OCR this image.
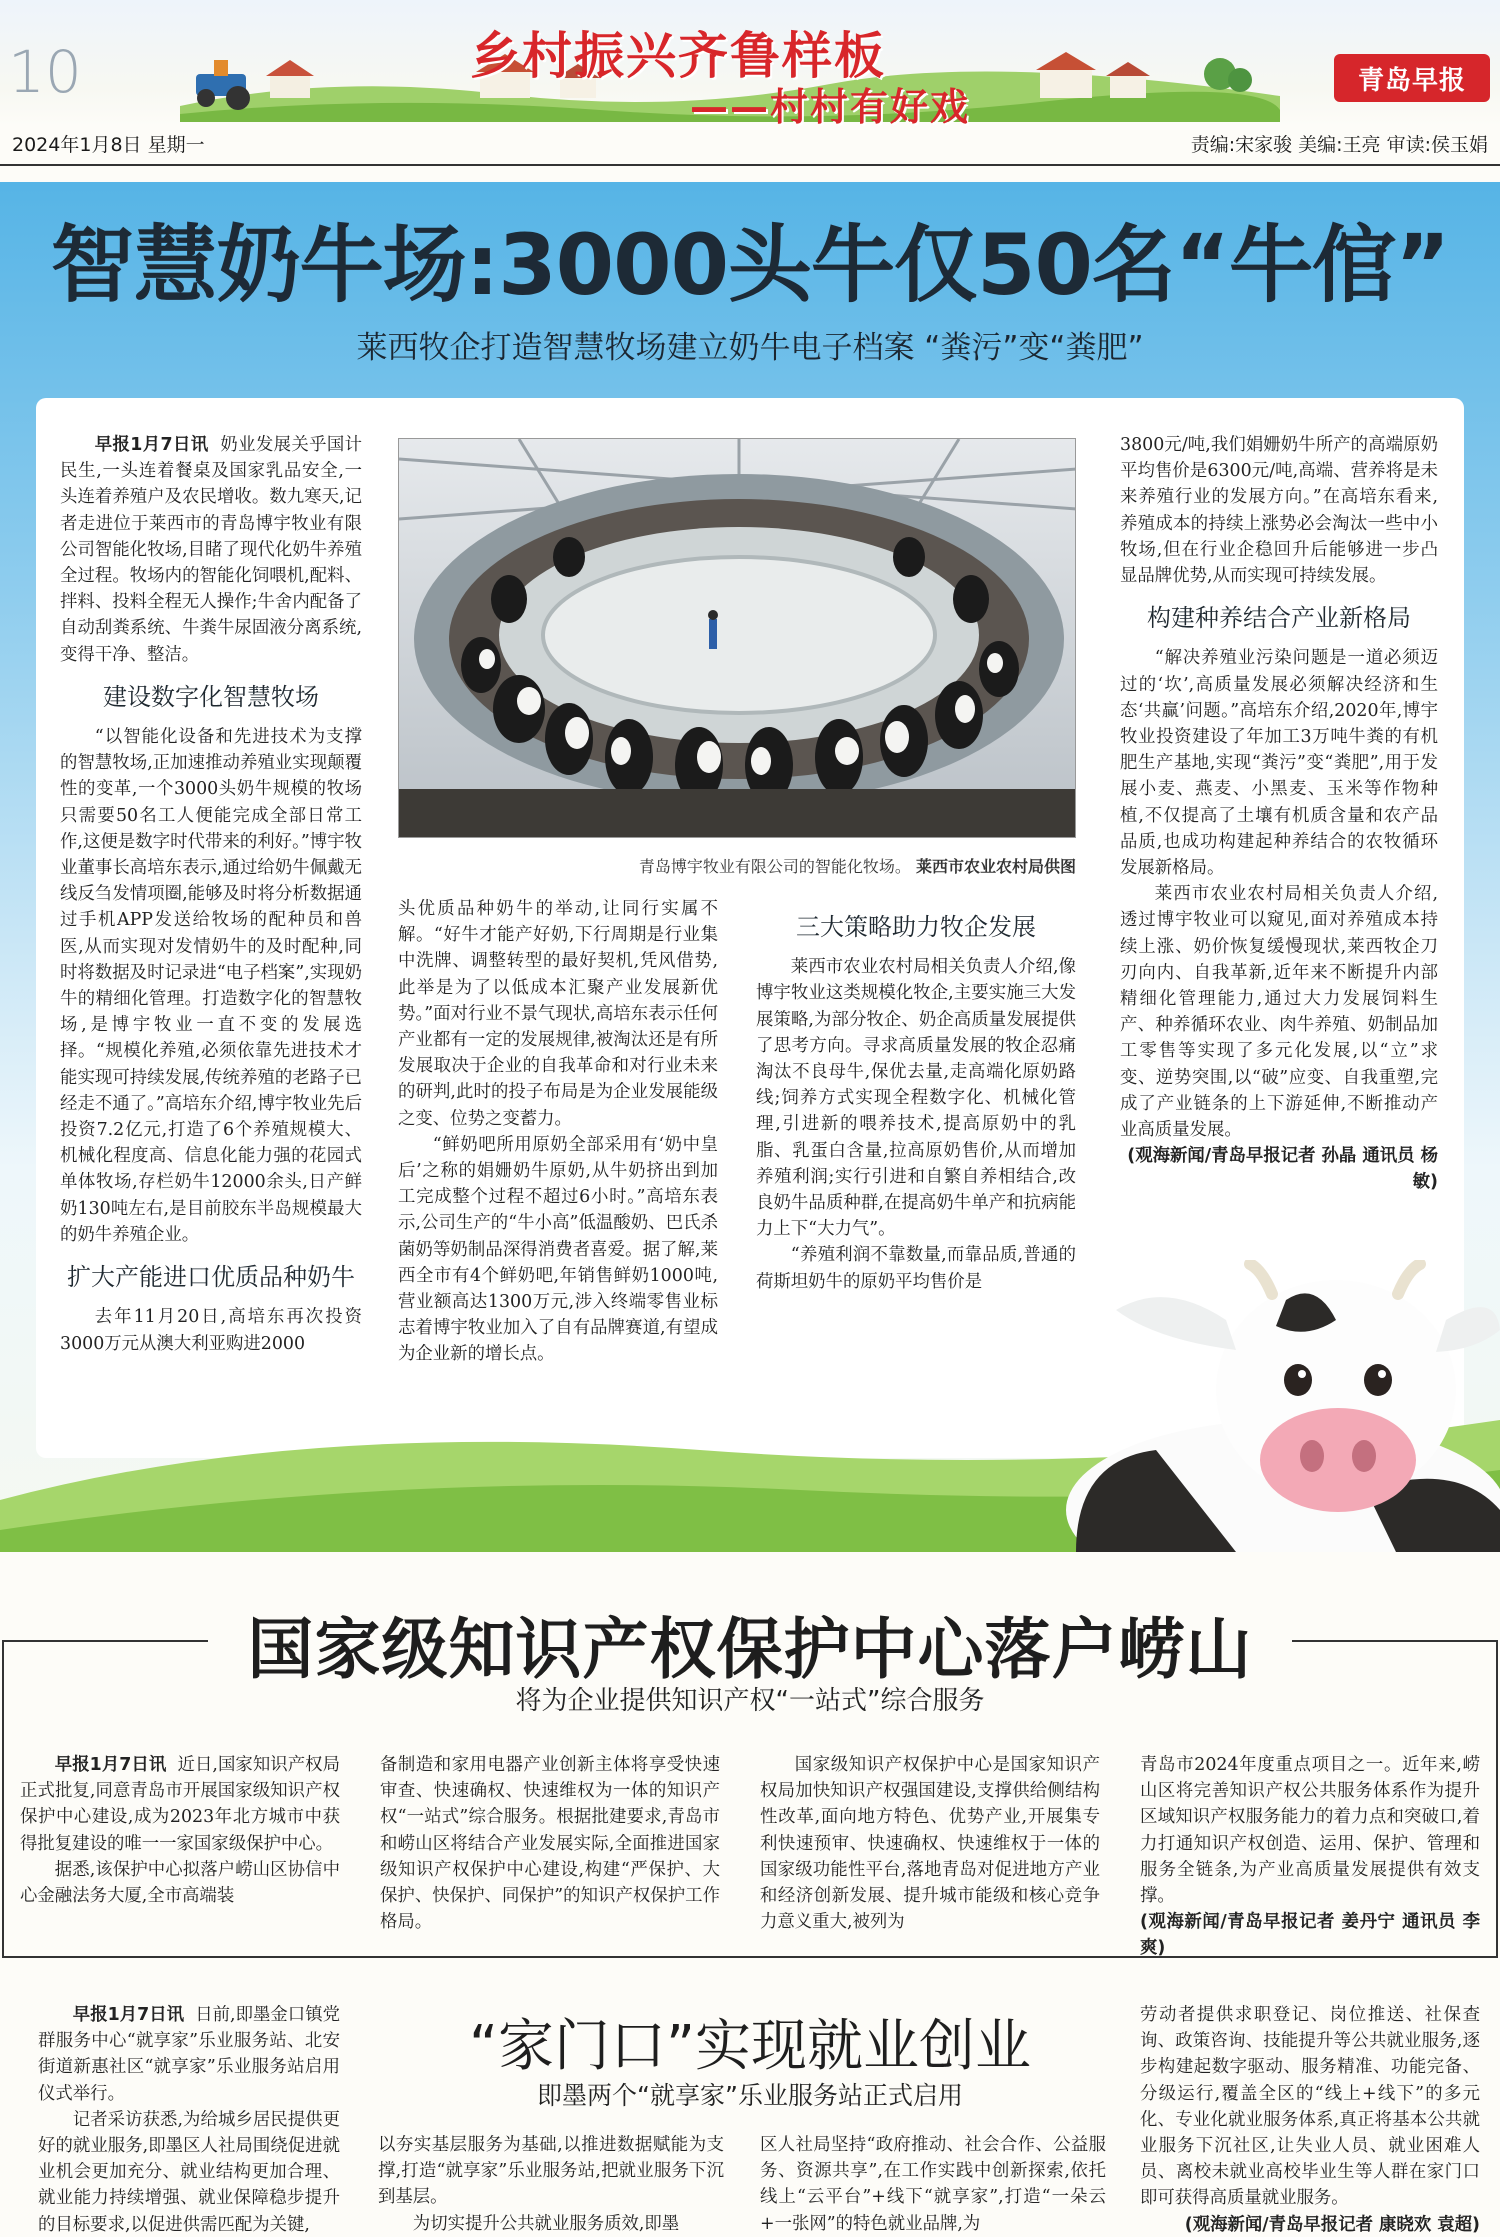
10	乡村振兴齐鲁样板
——村村有好戏
青岛早报
2024年1月8日 星期一	责编:宋家骏 美编:王亮 审读:侯玉娟
智慧奶牛场:3000头牛仅50名“牛倌”
莱西牧企打造智慧牧场建立奶牛电子档案 “粪污”变“粪肥”

早报1月7日讯 奶业发展关乎国计民生,一头连着餐桌及国家乳品安全,一头连着养殖户及农民增收。数九寒天,记者走进位于莱西市的青岛博宇牧业有限公司智能化牧场,目睹了现代化奶牛养殖全过程。牧场内的智能化饲喂机,配料、拌料、投料全程无人操作;牛舍内配备了自动刮粪系统、牛粪牛尿固液分离系统,变得干净、整洁。

建设数字化智慧牧场

“以智能化设备和先进技术为支撑的智慧牧场,正加速推动养殖业实现颠覆性的变革,一个3000头奶牛规模的牧场只需要50名工人便能完成全部日常工作,这便是数字时代带来的利好。”博宇牧业董事长高培东表示,通过给奶牛佩戴无线反刍发情项圈,能够及时将分析数据通过手机APP发送给牧场的配种员和兽医,从而实现对发情奶牛的及时配种,同时将数据及时记录进“电子档案”,实现奶牛的精细化管理。打造数字化的智慧牧场,是博宇牧业一直不变的发展选择。“规模化养殖,必须依靠先进技术才能实现可持续发展,传统养殖的老路子已经走不通了。”高培东介绍,博宇牧业先后投资7.2亿元,打造了6个养殖规模大、机械化程度高、信息化能力强的花园式单体牧场,存栏奶牛12000余头,日产鲜奶130吨左右,是目前胶东半岛规模最大的奶牛养殖企业。

扩大产能进口优质品种奶牛

去年11月20日,高培东再次投资3000万元从澳大利亚购进2000

青岛博宇牧业有限公司的智能化牧场。 莱西市农业农村局供图

头优质品种奶牛的举动,让同行实属不解。“好牛才能产好奶,下行周期是行业集中洗牌、调整转型的最好契机,凭风借势,此举是为了以低成本汇聚产业发展新优势。”面对行业不景气现状,高培东表示任何产业都有一定的发展规律,被淘汰还是有所发展取决于企业的自我革命和对行业未来的研判,此时的投子布局是为企业发展能级之变、位势之变蓄力。

“鲜奶吧所用原奶全部采用有‘奶中皇后’之称的娟姗奶牛原奶,从牛奶挤出到加工完成整个过程不超过6小时。”高培东表示,公司生产的“牛小高”低温酸奶、巴氏杀菌奶等奶制品深得消费者喜爱。据了解,莱西全市有4个鲜奶吧,年销售鲜奶1000吨,营业额高达1300万元,涉入终端零售业标志着博宇牧业加入了自有品牌赛道,有望成为企业新的增长点。

三大策略助力牧企发展

莱西市农业农村局相关负责人介绍,像博宇牧业这类规模化牧企,主要实施三大发展策略,为部分牧企、奶企高质量发展提供了思考方向。寻求高质量发展的牧企忍痛淘汰不良母牛,保优去量,走高端化原奶路线;饲养方式实现全程数字化、机械化管理,引进新的喂养技术,提高原奶中的乳脂、乳蛋白含量,拉高原奶售价,从而增加养殖利润;实行引进和自繁自养相结合,改良奶牛品质种群,在提高奶牛单产和抗病能力上下“大力气”。

“养殖利润不靠数量,而靠品质,普通的荷斯坦奶牛的原奶平均售价是

3800元/吨,我们娟姗奶牛所产的高端原奶平均售价是6300元/吨,高端、营养将是未来养殖行业的发展方向。”在高培东看来,养殖成本的持续上涨势必会淘汰一些中小牧场,但在行业企稳回升后能够进一步凸显品牌优势,从而实现可持续发展。

构建种养结合产业新格局

“解决养殖业污染问题是一道必须迈过的‘坎’,高质量发展必须解决经济和生态‘共赢’问题。”高培东介绍,2020年,博宇牧业投资建设了年加工3万吨牛粪的有机肥生产基地,实现“粪污”变“粪肥”,用于发展小麦、燕麦、小黑麦、玉米等作物种植,不仅提高了土壤有机质含量和农产品品质,也成功构建起种养结合的农牧循环发展新格局。

莱西市农业农村局相关负责人介绍,透过博宇牧业可以窥见,面对养殖成本持续上涨、奶价恢复缓慢现状,莱西牧企刀刃向内、自我革新,近年来不断提升内部精细化管理能力,通过大力发展饲料生产、种养循环农业、肉牛养殖、奶制品加工零售等实现了多元化发展,以“立”求变、逆势突围,以“破”应变、自我重塑,完成了产业链条的上下游延伸,不断推动产业高质量发展。

(观海新闻/青岛早报记者 孙晶 通讯员 杨敏)

国家级知识产权保护中心落户崂山
将为企业提供知识产权“一站式”综合服务

早报1月7日讯 近日,国家知识产权局正式批复,同意青岛市开展国家级知识产权保护中心建设,成为2023年北方城市中获得批复建设的唯一一家国家级保护中心。

据悉,该保护中心拟落户崂山区协信中心金融法务大厦,全市高端装

备制造和家用电器产业创新主体将享受快速审查、快速确权、快速维权为一体的知识产权“一站式”综合服务。根据批建要求,青岛市和崂山区将结合产业发展实际,全面推进国家级知识产权保护中心建设,构建“严保护、大保护、快保护、同保护”的知识产权保护工作格局。

国家级知识产权保护中心是国家知识产权局加快知识产权强国建设,支撑供给侧结构性改革,面向地方特色、优势产业,开展集专利快速预审、快速确权、快速维权于一体的国家级功能性平台,落地青岛对促进地方产业和经济创新发展、提升城市能级和核心竞争力意义重大,被列为

青岛市2024年度重点项目之一。近年来,崂山区将完善知识产权公共服务体系作为提升区域知识产权服务能力的着力点和突破口,着力打通知识产权创造、运用、保护、管理和服务全链条,为产业高质量发展提供有效支撑。

(观海新闻/青岛早报记者 姜丹宁 通讯员 李爽)

“家门口”实现就业创业
即墨两个“就享家”乐业服务站正式启用

早报1月7日讯 日前,即墨金口镇党群服务中心“就享家”乐业服务站、北安街道新惠社区“就享家”乐业服务站启用仪式举行。

记者采访获悉,为给城乡居民提供更好的就业服务,即墨区人社局围绕促进就业机会更加充分、就业结构更加合理、就业能力持续增强、就业保障稳步提升的目标要求,以促进供需匹配为关键,

以夯实基层服务为基础,以推进数据赋能为支撑,打造“就享家”乐业服务站,把就业服务下沉到基层。

为切实提升公共就业服务质效,即墨

区人社局坚持“政府推动、社会合作、公益服务、资源共享”,在工作实践中创新探索,依托线上“云平台”+线下“就享家”,打造“一朵云+一张网”的特色就业品牌,为

劳动者提供求职登记、岗位推送、社保查询、政策咨询、技能提升等公共就业服务,逐步构建起数字驱动、服务精准、功能完备、分级运行,覆盖全区的“线上+线下”的多元化、专业化就业服务体系,真正将基本公共就业服务下沉社区,让失业人员、就业困难人员、离校未就业高校毕业生等人群在家门口即可获得高质量就业服务。

(观海新闻/青岛早报记者 康晓欢 袁超)
